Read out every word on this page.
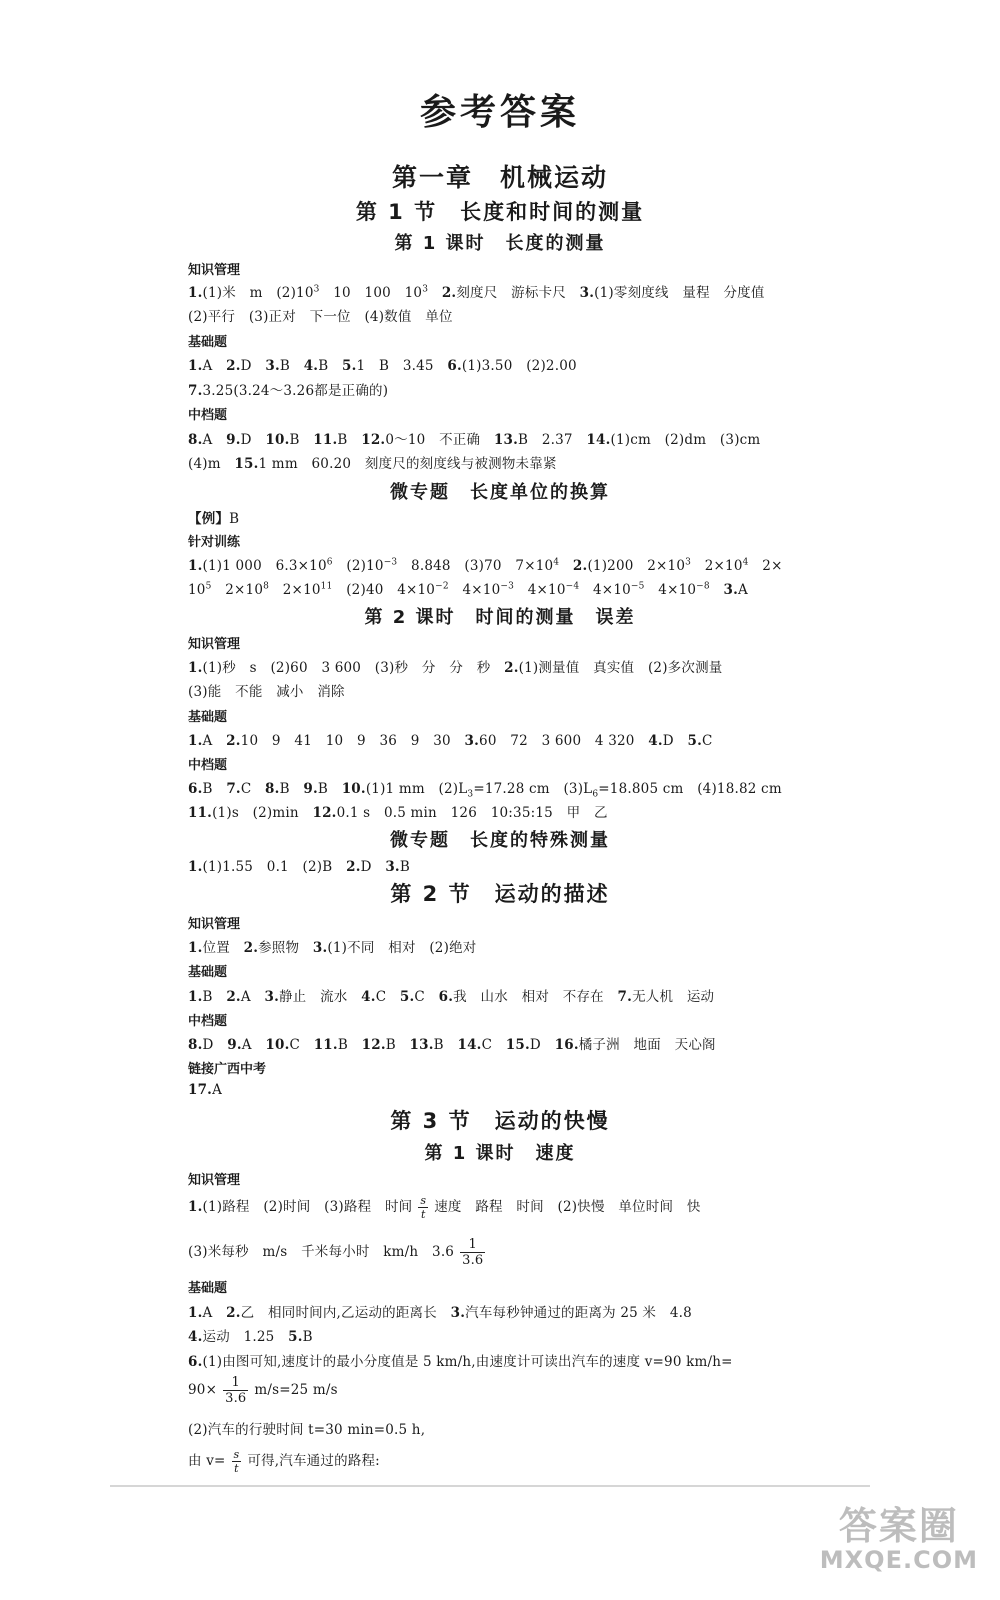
参考答案
第一章　机械运动
第 1 节　长度和时间的测量
第 1 课时　长度的测量
知识管理
1.(1)米　m　$(2)10^3$　10　100　$10^3$　2.刻度尺　游标卡尺　3.(1)零刻度线　量程　分度值
(2)平行　(3)正对　下一位　(4)数值　单位
基础题
1.A　2.D　3.B　4.B　5.1　B　3.45　6.(1)3.50　(2)2.00
7.3.25(3.24～3.26都是正确的)
中档题
8.A　9.D　10.B　11.B　12.0～10　不正确　13.B　2.37　14.(1)cm　(2)dm　(3)cm
(4)m　15.1 mm　60.20　刻度尺的刻度线与被测物未靠紧
微专题　长度单位的换算
【例】B
针对训练
1.(1)1 000　$6.3\times 10^6$　$(2)10^{-3}$　8.848　(3)70　$7\times 10^4$　2.(1)200　$2\times 10^3$　$2\times 10^4$　2×
$10^5$　$2\times 10^8$　$2\times 10^{11}$　(2)40　$4\times 10^{-2}$　$4\times 10^{-3}$　$4\times 10^{-4}$　$4\times 10^{-5}$　$4\times 10^{-8}$　3.A
第 2 课时　时间的测量　误差
知识管理
1.(1)秒　s　(2)60　3 600　(3)秒　分　分　秒　2.(1)测量值　真实值　(2)多次测量
(3)能　不能　减小　消除
基础题
1.A　2.10　9　41　10　9　36　9　30　3.60　72　3 600　4 320　4.D　5.C
中档题
6.B　7.C　8.B　9.B　10.(1)1 mm　$(2)L_3=17.28$ cm　$(3)L_6=18.805$ cm　(4)18.82 cm
11.(1)s　(2)min　12.0.1 s　0.5 min　126　10:35:15　甲　乙
微专题　长度的特殊测量
1.(1)1.55　0.1　(2)B　2.D　3.B
第 2 节　运动的描述
知识管理
1.位置　2.参照物　3.(1)不同　相对　(2)绝对
基础题
1.B　2.A　3.静止　流水　4.C　5.C　6.我　山水　相对　不存在　7.无人机　运动
中档题
8.D　9.A　10.C　11.B　12.B　13.B　14.C　15.D　16.橘子洲　地面　天心阁
链接广西中考
17.A
第 3 节　运动的快慢
第 1 课时　速度
知识管理
1.(1)路程　(2)时间　(3)路程　时间 $\frac{s}{t}$ 速度　路程　时间　(2)快慢　单位时间　快
(3)米每秒　m/s　千米每小时　km/h　$3.6 \frac{1}{3.6}$
基础题
1.A　2.乙　相同时间内,乙运动的距离长　3.汽车每秒钟通过的距离为 25 米　4.8
4.运动　1.25　5.B
6.(1)由图可知,速度计的最小分度值是 5 km/h,由速度计可读出汽车的速度 v=90 km/h=
$90\times \frac{1}{3.6} m/s=25$ m/s
(2)汽车的行驶时间 t=30 min=0.5 h,
由 $v= \frac{s}{t}$ 可得,汽车通过的路程:
答案圈
MXQE.COM
